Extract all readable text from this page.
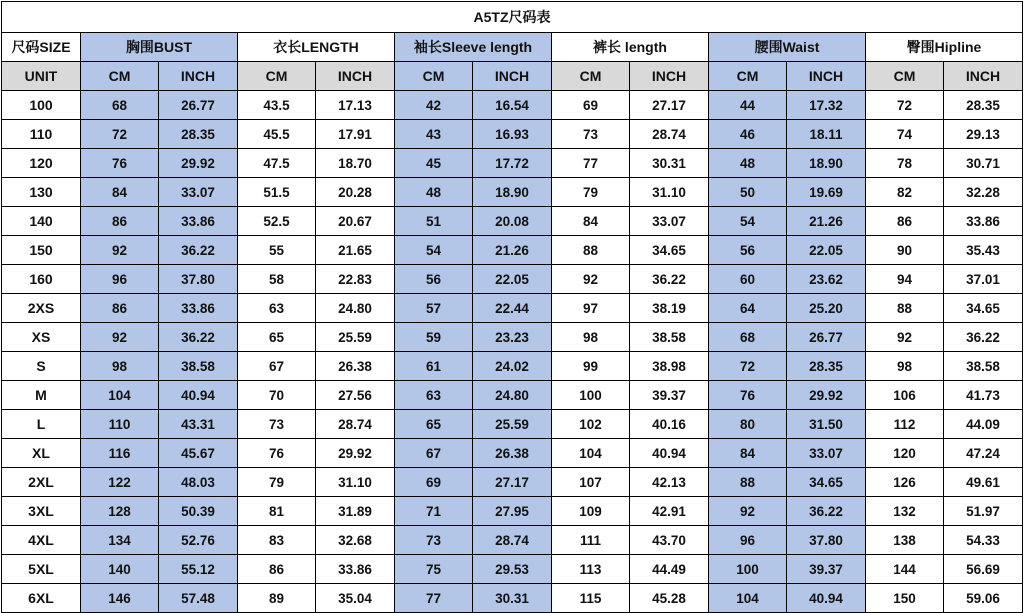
A5TZ尺码表												
尺码SIZE	胸围BUST		衣长LENGTH		袖长Sleeve length		裤长 length		腰围Waist		臀围Hipline	
UNIT	CM	INCH	CM	INCH	CM	INCH	CM	INCH	CM	INCH	CM	INCH
100	68	26.77	43.5	17.13	42	16.54	69	27.17	44	17.32	72	28.35
110	72	28.35	45.5	17.91	43	16.93	73	28.74	46	18.11	74	29.13
120	76	29.92	47.5	18.70	45	17.72	77	30.31	48	18.90	78	30.71
130	84	33.07	51.5	20.28	48	18.90	79	31.10	50	19.69	82	32.28
140	86	33.86	52.5	20.67	51	20.08	84	33.07	54	21.26	86	33.86
150	92	36.22	55	21.65	54	21.26	88	34.65	56	22.05	90	35.43
160	96	37.80	58	22.83	56	22.05	92	36.22	60	23.62	94	37.01
2XS	86	33.86	63	24.80	57	22.44	97	38.19	64	25.20	88	34.65
XS	92	36.22	65	25.59	59	23.23	98	38.58	68	26.77	92	36.22
S	98	38.58	67	26.38	61	24.02	99	38.98	72	28.35	98	38.58
M	104	40.94	70	27.56	63	24.80	100	39.37	76	29.92	106	41.73
L	110	43.31	73	28.74	65	25.59	102	40.16	80	31.50	112	44.09
XL	116	45.67	76	29.92	67	26.38	104	40.94	84	33.07	120	47.24
2XL	122	48.03	79	31.10	69	27.17	107	42.13	88	34.65	126	49.61
3XL	128	50.39	81	31.89	71	27.95	109	42.91	92	36.22	132	51.97
4XL	134	52.76	83	32.68	73	28.74	111	43.70	96	37.80	138	54.33
5XL	140	55.12	86	33.86	75	29.53	113	44.49	100	39.37	144	56.69
6XL	146	57.48	89	35.04	77	30.31	115	45.28	104	40.94	150	59.06
